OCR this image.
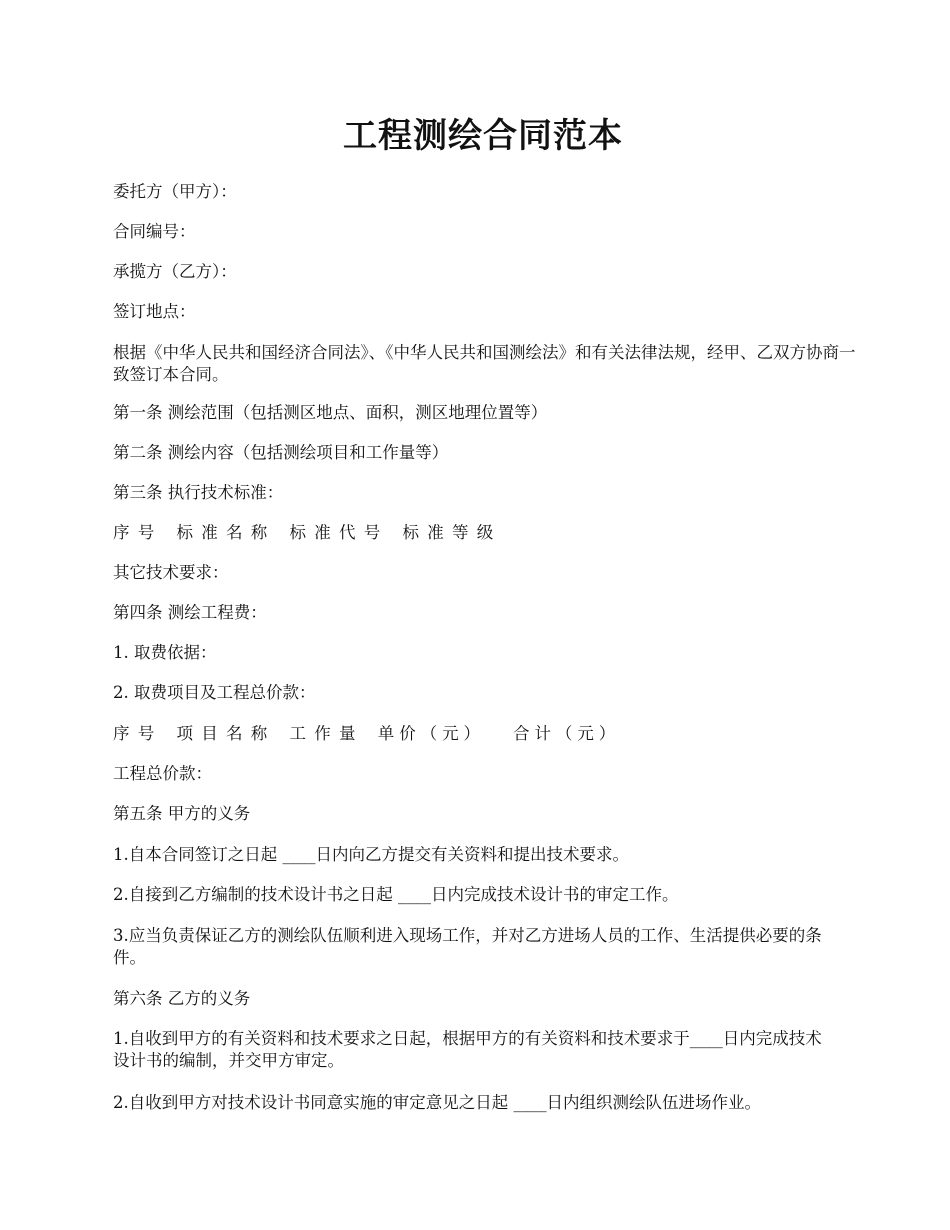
工程测绘合同范本

委托方（甲方）：

合同编号：

承揽方（乙方）：

签订地点：

根据《中华人民共和国经济合同法》、《中华人民共和国测绘法》和有关法律法规，经甲、乙双方协商一致签订本合同。

第一条 测绘范围（包括测区地点、面积，测区地理位置等）

第二条 测绘内容（包括测绘项目和工作量等）

第三条 执行技术标准：

序号 标准名称 标准代号 标准等级

其它技术要求：

第四条 测绘工程费：

1. 取费依据：

2. 取费项目及工程总价款：

序号 项目名称 工作量 单价（元） 合计（元）

工程总价款：

第五条 甲方的义务

1.自本合同签订之日起 ____日内向乙方提交有关资料和提出技术要求。

2.自接到乙方编制的技术设计书之日起 ____日内完成技术设计书的审定工作。

3.应当负责保证乙方的测绘队伍顺利进入现场工作，并对乙方进场人员的工作、生活提供必要的条件。

第六条 乙方的义务

1.自收到甲方的有关资料和技术要求之日起，根据甲方的有关资料和技术要求于____日内完成技术设计书的编制，并交甲方审定。

2.自收到甲方对技术设计书同意实施的审定意见之日起 ____日内组织测绘队伍进场作业。
